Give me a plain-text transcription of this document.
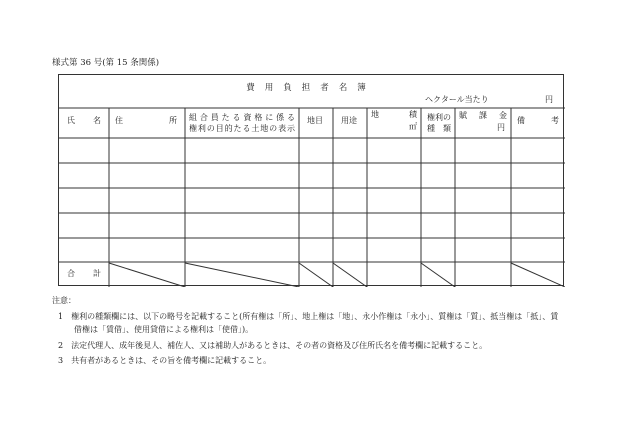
様式第 36 号(第 15 条関係)
費用負担者名簿
ヘクタール当たり	円
氏　　名 住　　　　所 組合員たる資格に係る
権利の目的たる土地の表示
地目 用途
地　　積
㎡
権利の
種　類
賦　課　金
円
備　　　考
合　　計
注意：
1　権利の種類欄には、以下の略号を記載すること(所有権は「所」、地上権は「地」、永小作権は「永小」、質権は「質」、抵当権は「抵」、賃
　　借権は「賃借」、使用貸借による権利は「使借」)。
2　法定代理人、成年後見人、補佐人、又は補助人があるときは、その者の資格及び住所氏名を備考欄に記載すること。
3　共有者があるときは、その旨を備考欄に記載すること。
